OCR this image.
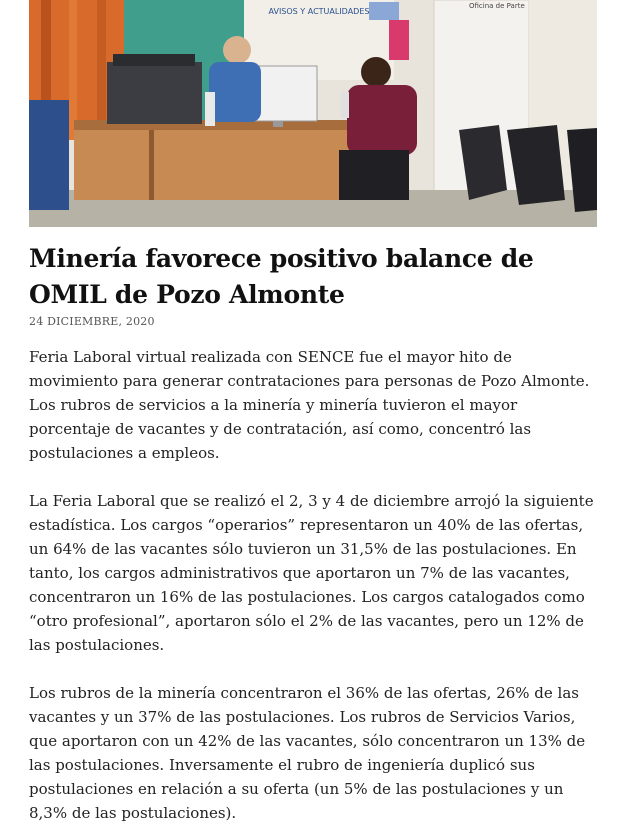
AVISOS Y ACTUALIDADES
Oficina de Parte
Minería favorece positivo balance de OMIL de Pozo Almonte
24 DICIEMBRE, 2020

Feria Laboral virtual realizada con SENCE fue el mayor hito de movimiento para generar contrataciones para personas de Pozo Almonte. Los rubros de servicios a la minería y minería tuvieron el mayor porcentaje de vacantes y de contratación, así como, concentró las postulaciones a empleos.

La Feria Laboral que se realizó el 2, 3 y 4 de diciembre arrojó la siguiente estadística. Los cargos “operarios” representaron un 40% de las ofertas, un 64% de las vacantes sólo tuvieron un 31,5% de las postulaciones. En tanto, los cargos administrativos que aportaron un 7% de las vacantes, concentraron un 16% de las postulaciones. Los cargos catalogados como “otro profesional”, aportaron sólo el 2% de las vacantes, pero un 12% de las postulaciones.

Los rubros de la minería concentraron el 36% de las ofertas, 26% de las vacantes y un 37% de las postulaciones. Los rubros de Servicios Varios, que aportaron con un 42% de las vacantes, sólo concentraron un 13% de las postulaciones. Inversamente el rubro de ingeniería duplicó sus postulaciones en relación a su oferta (un 5% de las postulaciones y un 8,3% de las postulaciones).
